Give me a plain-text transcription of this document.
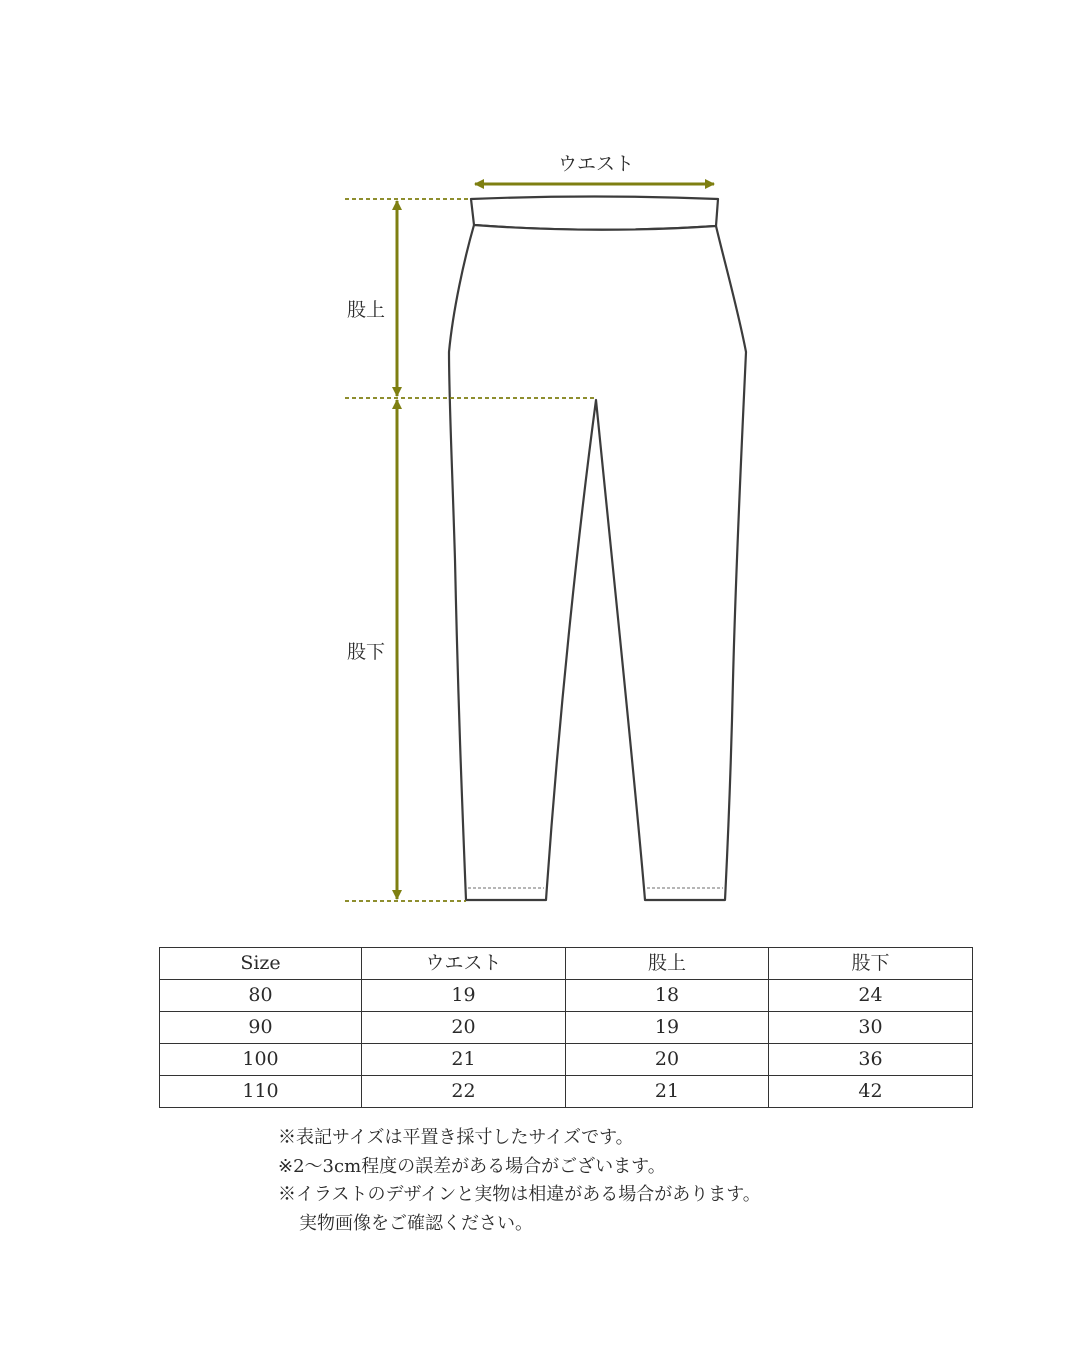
ウエスト
股上
股下
Size	ウエスト	股上	股下
80	19	18	24
90	20	19	30
100	21	20	36
110	22	21	42

※表記サイズは平置き採寸したサイズです。

※2～3cm程度の誤差がある場合がございます。

※イラストのデザインと実物は相違がある場合があります。

実物画像をご確認ください。
